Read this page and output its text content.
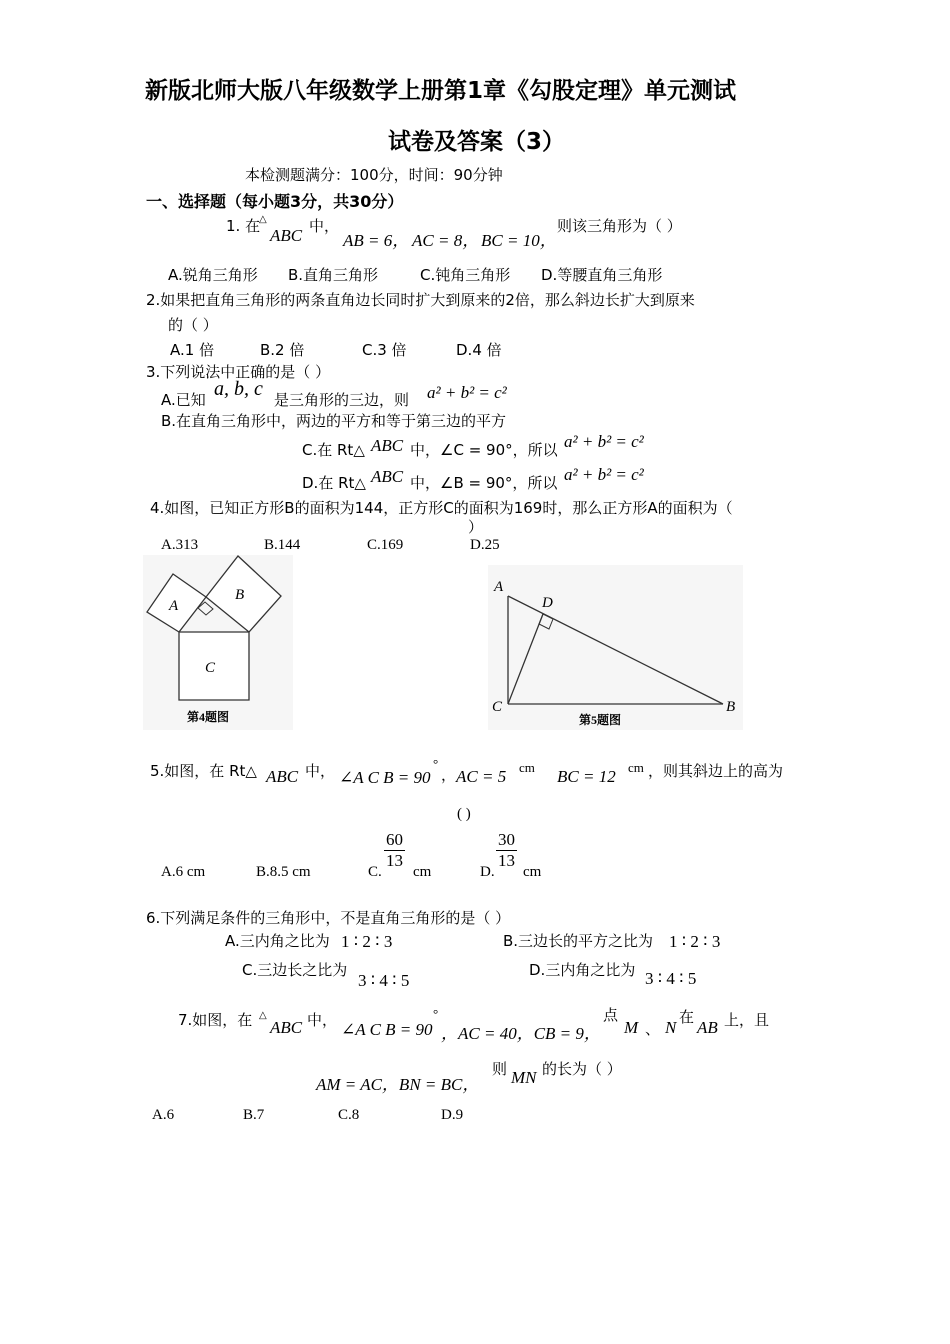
新版北师大版八年级数学上册第1章《勾股定理》单元测试
试卷及答案（3）
本检测题满分：100分，时间：90分钟
一、选择题（每小题3分，共30分）
1. 在
△
ABC 中，
AB = 6， AC = 8， BC = 10，
则该三角形为（ ）
A.锐角三角形 B.直角三角形	C.钝角三角形 D.等腰直角三角形
2.如果把直角三角形的两条直角边长同时扩大到原来的2倍，那么斜边长扩大到原来
的（ ）
A.1 倍	B.2 倍	C.3 倍	D.4 倍
3.下列说法中正确的是（ ）
A.已知 a, b, c 是三角形的三边，则 a² + b² = c²
B.在直角三角形中，两边的平方和等于第三边的平方
C.在 Rt△ ABC 中，∠C = 90°，所以 a² + b² = c²
D.在 Rt△ ABC 中，∠B = 90°，所以 a² + b² = c²
4.如图，已知正方形B的面积为144，正方形C的面积为169时，那么正方形A的面积为（
）
A.313	B.144	C.169	D.25
A
B
C
第4题图
A
D
C	B
第5题图
5.如图，在 Rt△ ABC 中， ∠A C B = 90
°
， AC = 5 cm BC = 12 cm ，则其斜边上的高为
( )
A.6 cm	B.8.5 cm	C.
$\frac{60}{13}$
cm	D.
$\frac{30}{13}$
cm
6.下列满足条件的三角形中，不是直角三角形的是（ ）
A.三内角之比为 1 ∶ 2 ∶ 3	B.三边长的平方之比为 1 ∶ 2 ∶ 3
C.三边长之比为
3 ∶ 4 ∶ 5
D.三内角之比为 3 ∶ 4 ∶ 5
7.如图，在 △
ABC 中， ∠A C B = 90
°
，AC = 40，CB = 9，
点
M 、 N
在
AB 上，且
AM = AC，BN = BC，
则 MN 的长为（ ）
A.6	B.7	C.8	D.9
